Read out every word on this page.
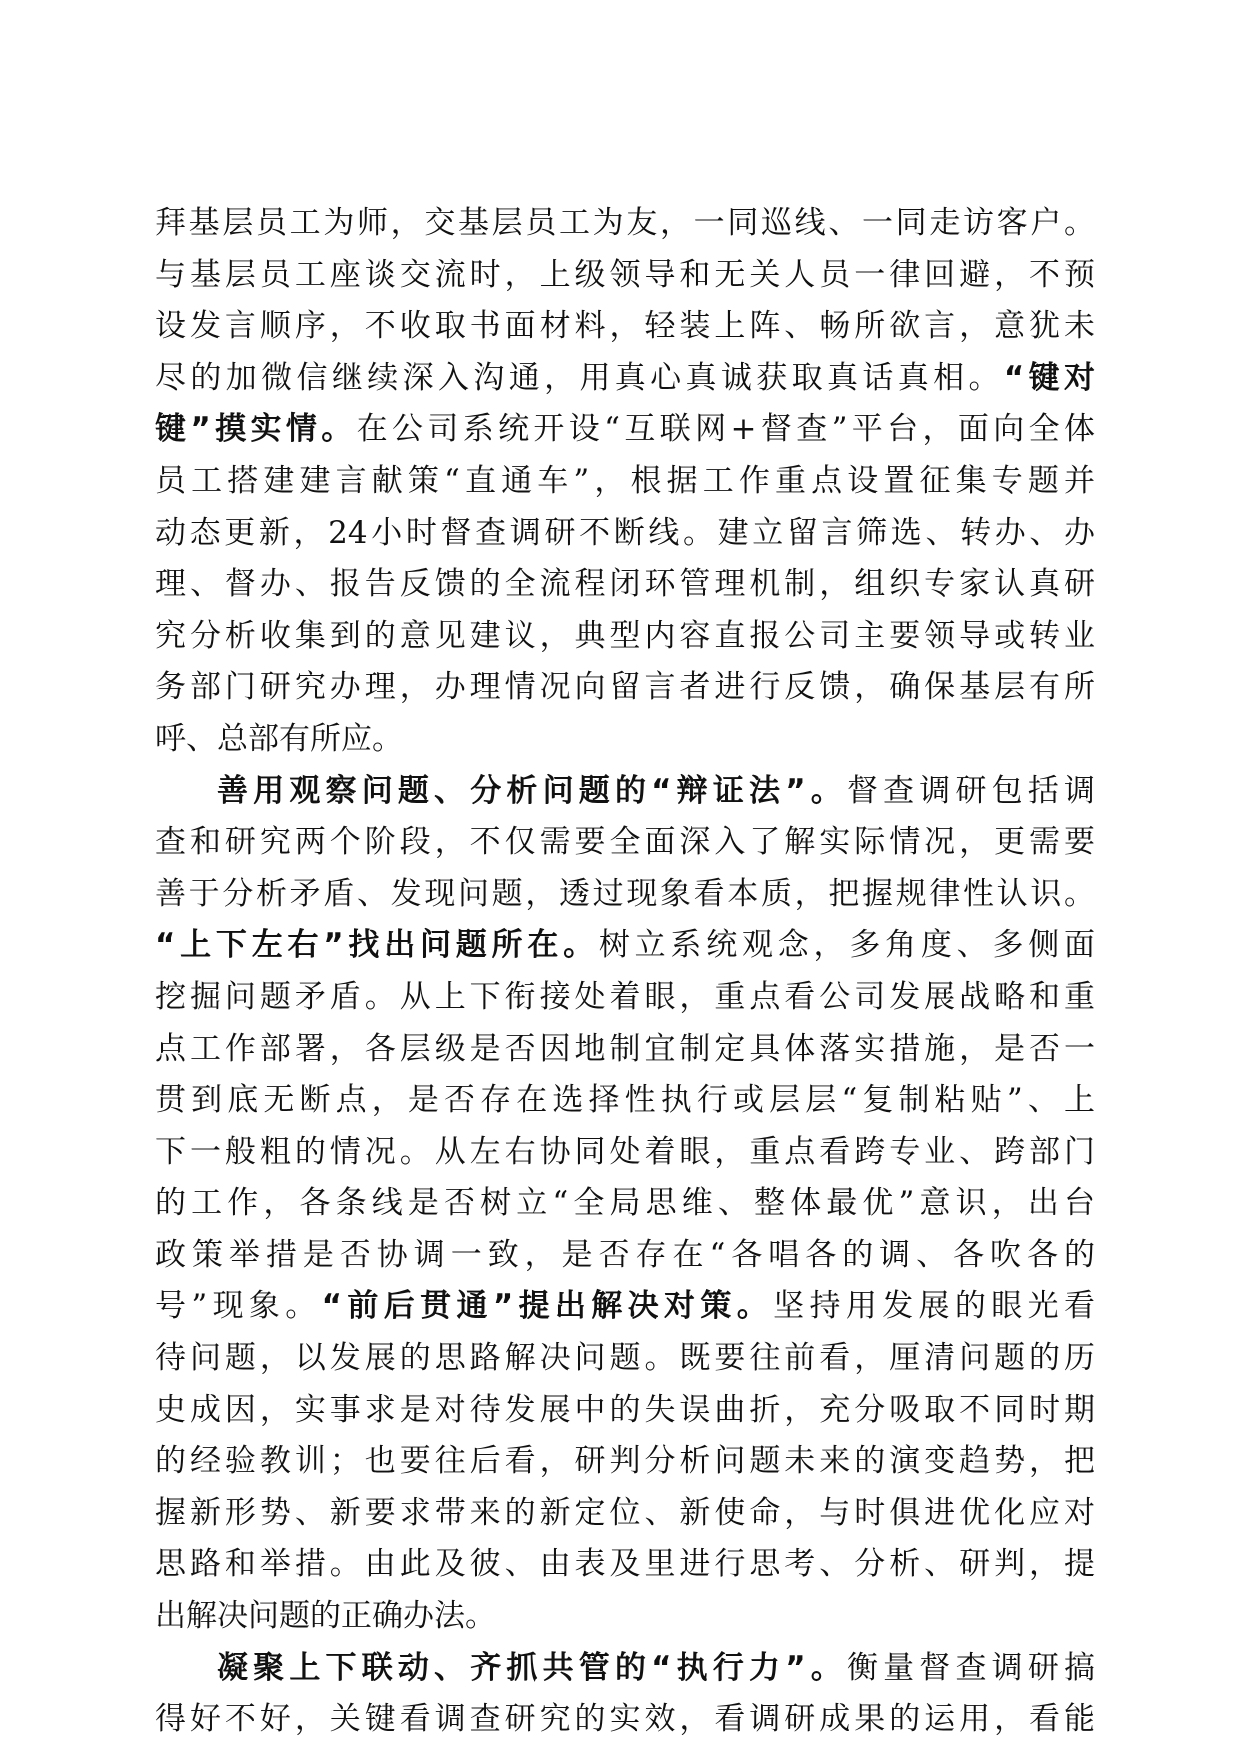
拜基层员工为师，交基层员工为友，一同巡线、一同走访客户。
与基层员工座谈交流时，上级领导和无关人员一律回避，不预
设发言顺序，不收取书面材料，轻装上阵、畅所欲言，意犹未
尽的加微信继续深入沟通，用真心真诚获取真话真相。“键对
键”摸实情。在公司系统开设“互联网+督查”平台，面向全体
员工搭建建言献策“直通车”，根据工作重点设置征集专题并
动态更新，24小时督查调研不断线。建立留言筛选、转办、办
理、督办、报告反馈的全流程闭环管理机制，组织专家认真研
究分析收集到的意见建议，典型内容直报公司主要领导或转业
务部门研究办理，办理情况向留言者进行反馈，确保基层有所
呼、总部有所应。
善用观察问题、分析问题的“辩证法”。督查调研包括调
查和研究两个阶段，不仅需要全面深入了解实际情况，更需要
善于分析矛盾、发现问题，透过现象看本质，把握规律性认识。
“上下左右”找出问题所在。树立系统观念，多角度、多侧面
挖掘问题矛盾。从上下衔接处着眼，重点看公司发展战略和重
点工作部署，各层级是否因地制宜制定具体落实措施，是否一
贯到底无断点，是否存在选择性执行或层层“复制粘贴”、上
下一般粗的情况。从左右协同处着眼，重点看跨专业、跨部门
的工作，各条线是否树立“全局思维、整体最优”意识，出台
政策举措是否协调一致，是否存在“各唱各的调、各吹各的
号”现象。“前后贯通”提出解决对策。坚持用发展的眼光看
待问题，以发展的思路解决问题。既要往前看，厘清问题的历
史成因，实事求是对待发展中的失误曲折，充分吸取不同时期
的经验教训；也要往后看，研判分析问题未来的演变趋势，把
握新形势、新要求带来的新定位、新使命，与时俱进优化应对
思路和举措。由此及彼、由表及里进行思考、分析、研判，提
出解决问题的正确办法。
凝聚上下联动、齐抓共管的“执行力”。衡量督查调研搞
得好不好，关键看调查研究的实效，看调研成果的运用，看能
